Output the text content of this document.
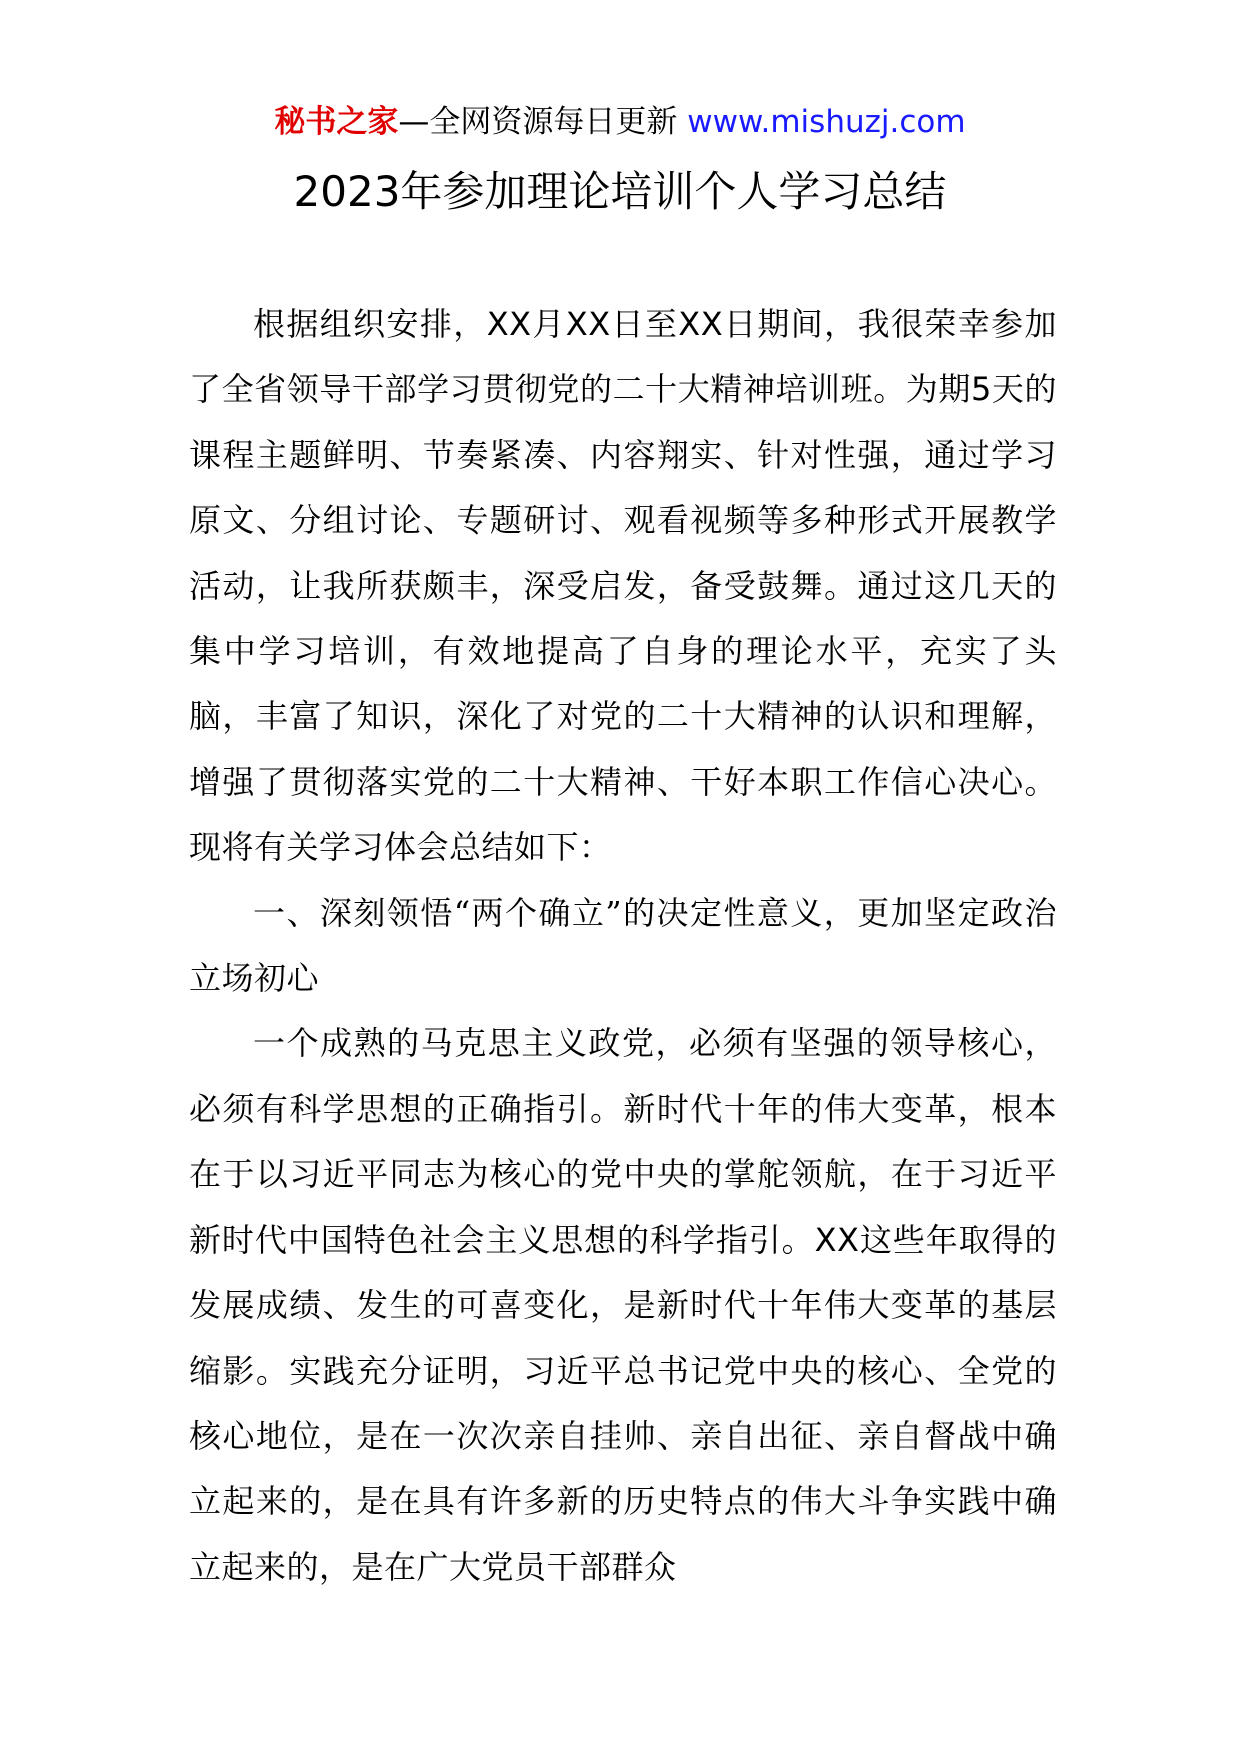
秘书之家—全网资源每日更新 www.mishuzj.com
2023年参加理论培训个人学习总结

根据组织安排，XX月XX日至XX日期间，我很荣幸参加了全省领导干部学习贯彻党的二十大精神培训班。为期5天的课程主题鲜明、节奏紧凑、内容翔实、针对性强，通过学习原文、分组讨论、专题研讨、观看视频等多种形式开展教学活动，让我所获颇丰，深受启发，备受鼓舞。通过这几天的集中学习培训，有效地提高了自身的理论水平，充实了头脑，丰富了知识，深化了对党的二十大精神的认识和理解，增强了贯彻落实党的二十大精神、干好本职工作信心决心。现将有关学习体会总结如下：

一、深刻领悟“两个确立”的决定性意义，更加坚定政治立场初心

一个成熟的马克思主义政党，必须有坚强的领导核心，必须有科学思想的正确指引。新时代十年的伟大变革，根本在于以习近平同志为核心的党中央的掌舵领航，在于习近平新时代中国特色社会主义思想的科学指引。XX这些年取得的发展成绩、发生的可喜变化，是新时代十年伟大变革的基层缩影。实践充分证明，习近平总书记党中央的核心、全党的核心地位，是在一次次亲自挂帅、亲自出征、亲自督战中确立起来的，是在具有许多新的历史特点的伟大斗争实践中确立起来的，是在广大党员干部群众
